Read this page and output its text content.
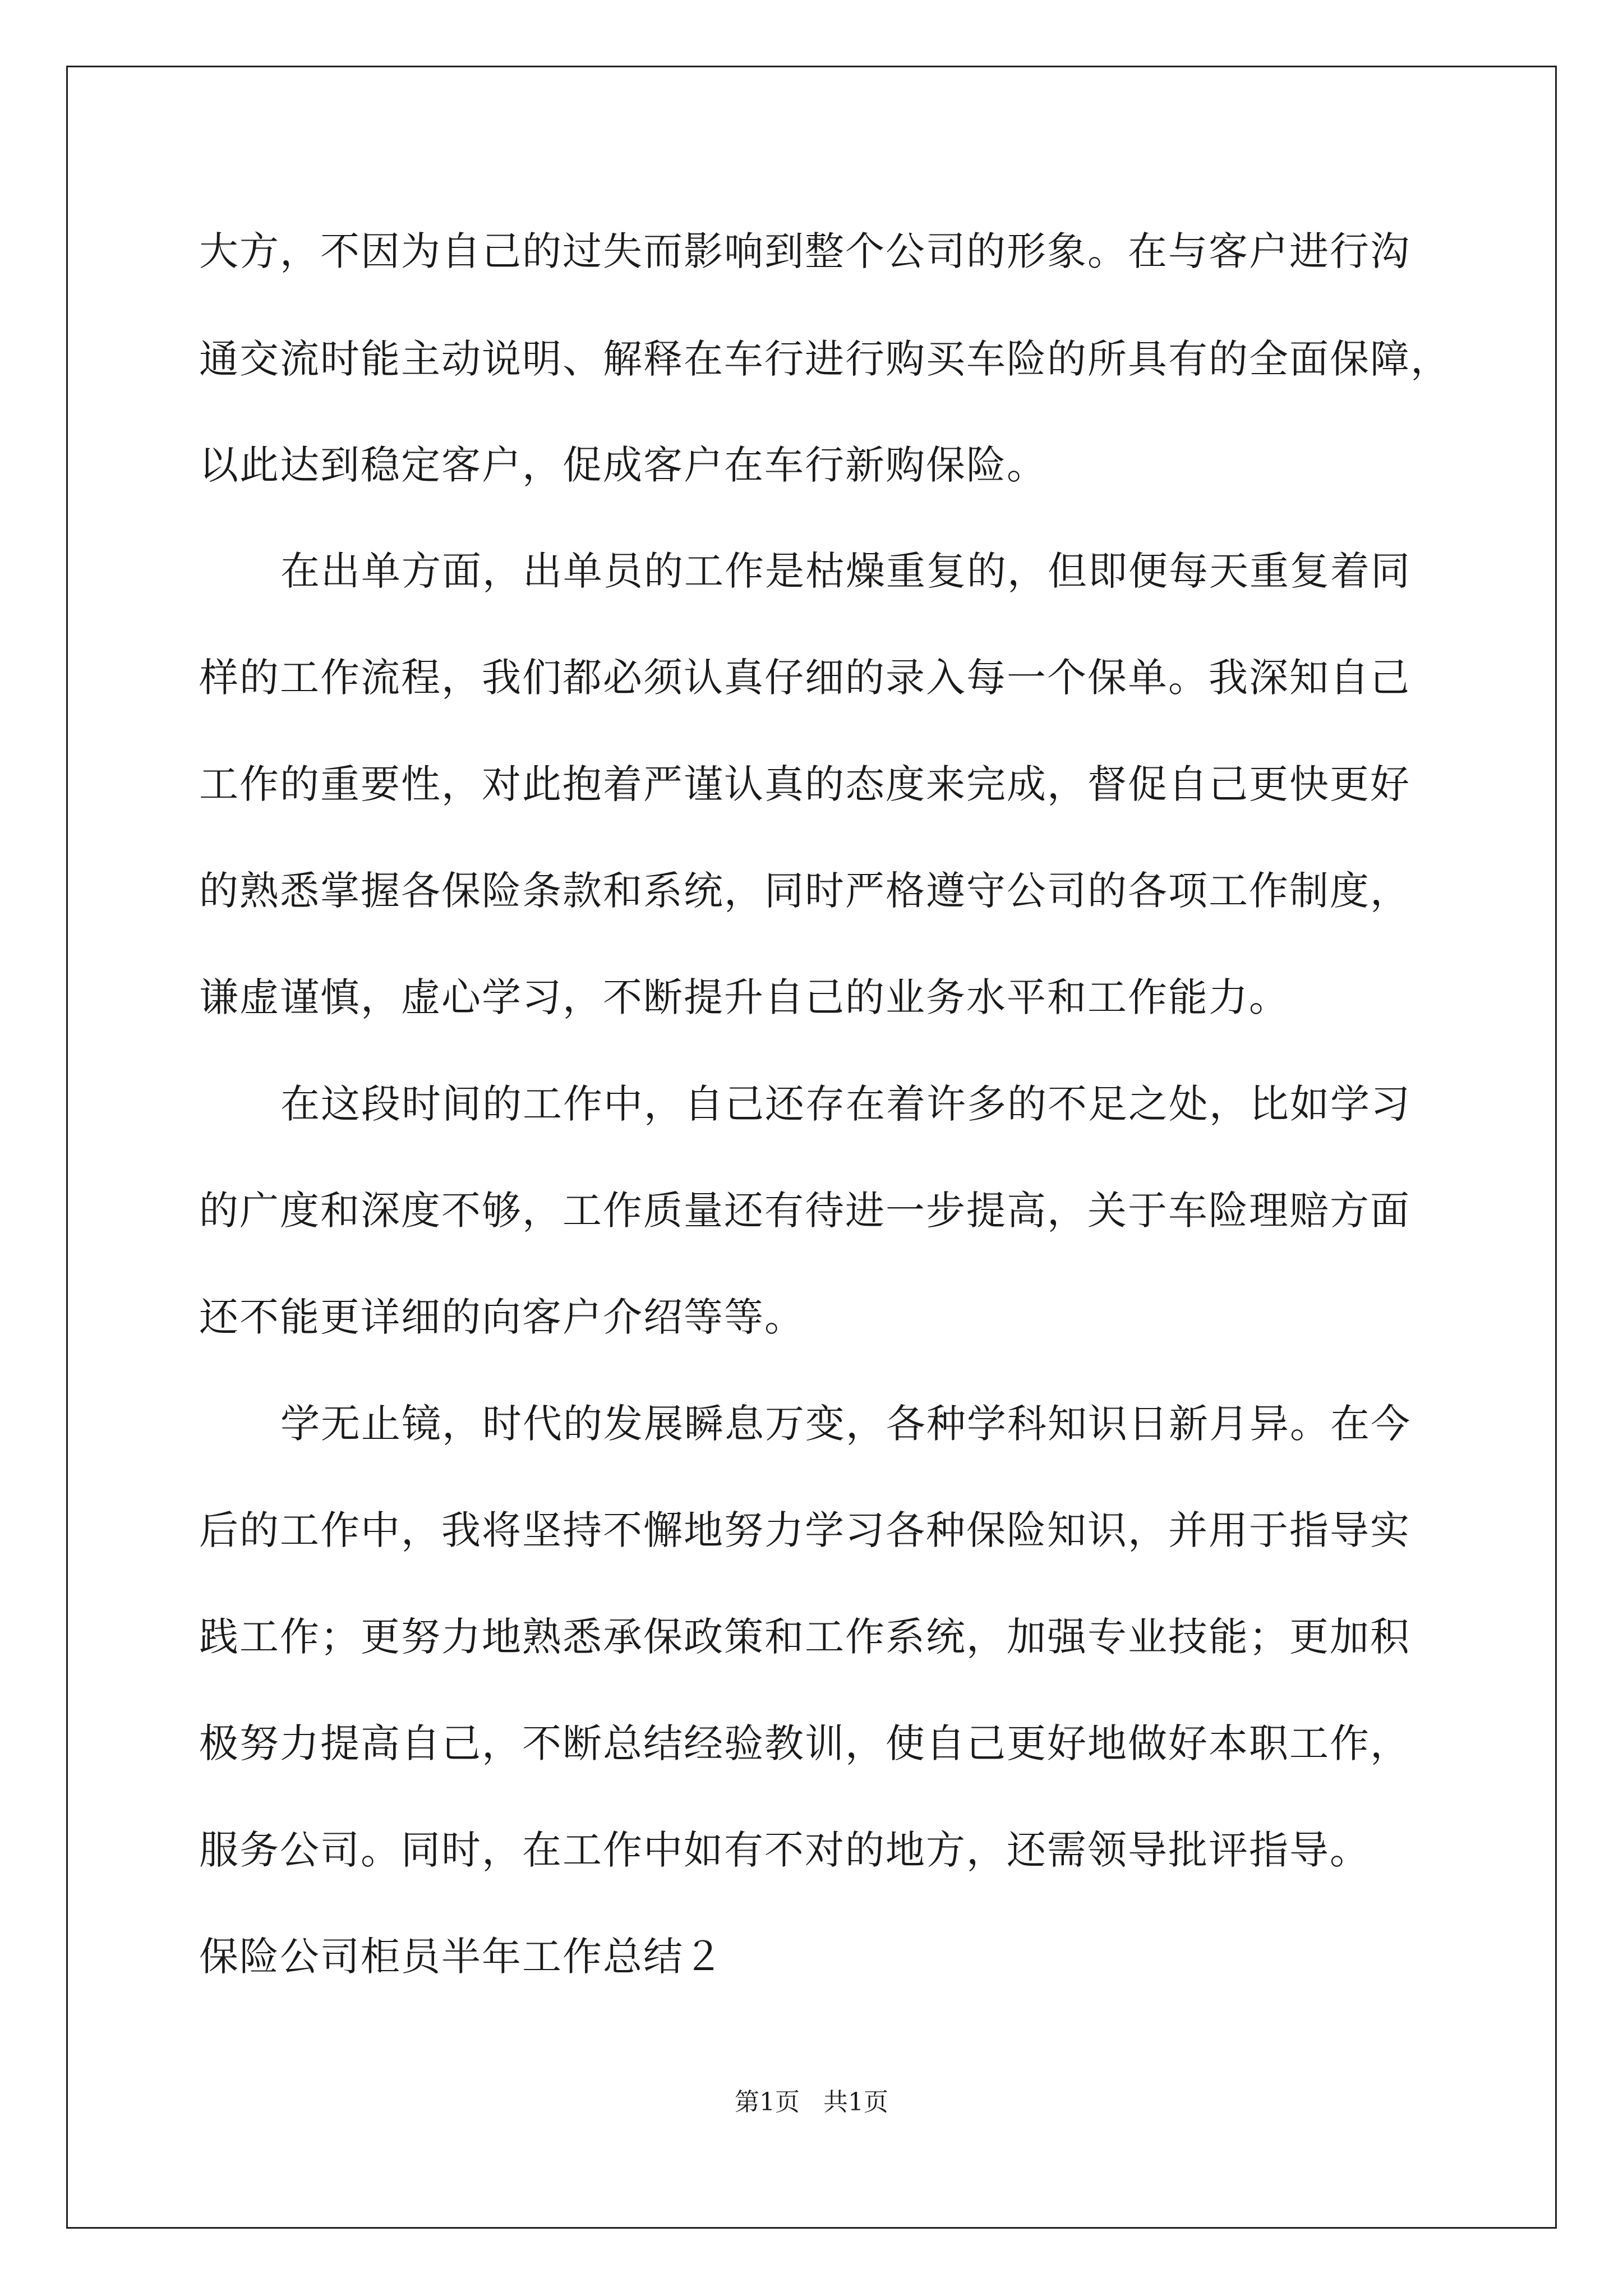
大方，不因为自己的过失而影响到整个公司的形象。在与客户进行沟
通交流时能主动说明、解释在车行进行购买车险的所具有的全面保障，
以此达到稳定客户，促成客户在车行新购保险。
在出单方面，出单员的工作是枯燥重复的，但即便每天重复着同
样的工作流程，我们都必须认真仔细的录入每一个保单。我深知自己
工作的重要性，对此抱着严谨认真的态度来完成，督促自己更快更好
的熟悉掌握各保险条款和系统，同时严格遵守公司的各项工作制度，
谦虚谨慎，虚心学习，不断提升自己的业务水平和工作能力。
在这段时间的工作中，自己还存在着许多的不足之处，比如学习
的广度和深度不够，工作质量还有待进一步提高，关于车险理赔方面
还不能更详细的向客户介绍等等。
学无止镜，时代的发展瞬息万变，各种学科知识日新月异。在今
后的工作中，我将坚持不懈地努力学习各种保险知识，并用于指导实
践工作；更努力地熟悉承保政策和工作系统，加强专业技能；更加积
极努力提高自己，不断总结经验教训，使自己更好地做好本职工作，
服务公司。同时，在工作中如有不对的地方，还需领导批评指导。
保险公司柜员半年工作总结２
第1页   共1页
